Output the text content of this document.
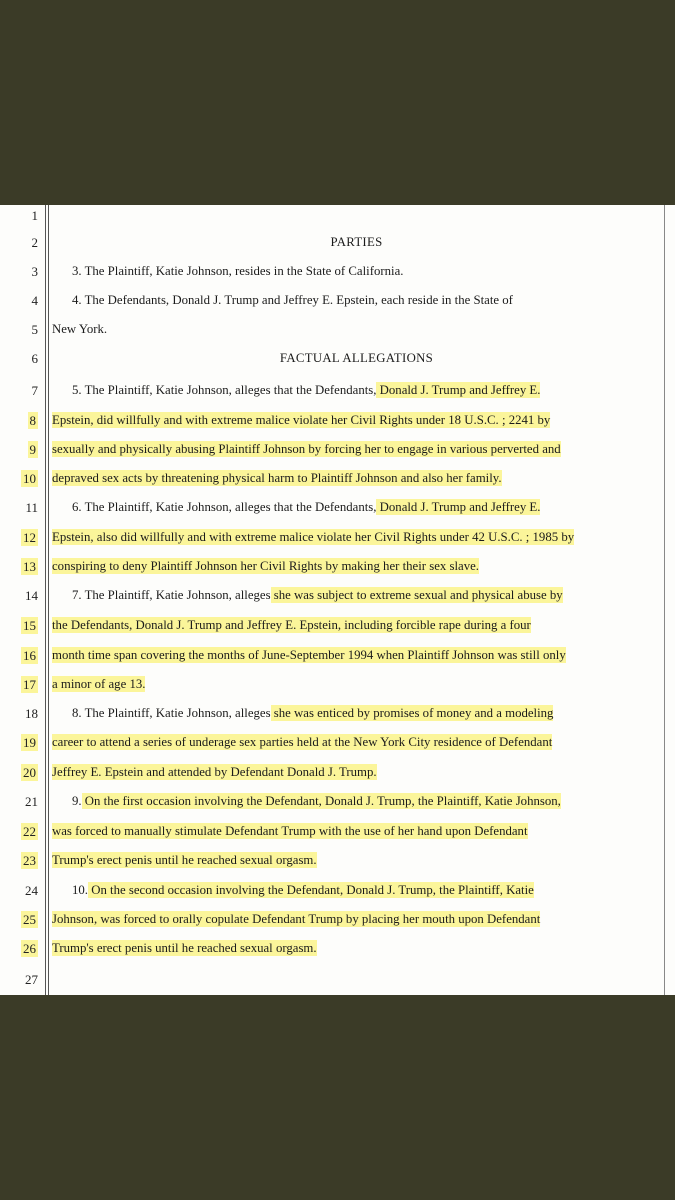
1
2	PARTIES
3	3. The Plaintiff, Katie Johnson, resides in the State of California.
4	4. The Defendants, Donald J. Trump and Jeffrey E. Epstein, each reside in the State of
5 New York.
6	FACTUAL ALLEGATIONS
7	5. The Plaintiff, Katie Johnson, alleges that the Defendants, Donald J. Trump and Jeffrey E.
8 Epstein, did willfully and with extreme malice violate her Civil Rights under 18 U.S.C. ; 2241 by
9 sexually and physically abusing Plaintiff Johnson by forcing her to engage in various perverted and
10 depraved sex acts by threatening physical harm to Plaintiff Johnson and also her family.
11	6. The Plaintiff, Katie Johnson, alleges that the Defendants, Donald J. Trump and Jeffrey E.
12 Epstein, also did willfully and with extreme malice violate her Civil Rights under 42 U.S.C. ; 1985 by
13 conspiring to deny Plaintiff Johnson her Civil Rights by making her their sex slave.
14	7. The Plaintiff, Katie Johnson, alleges she was subject to extreme sexual and physical abuse by
15 the Defendants, Donald J. Trump and Jeffrey E. Epstein, including forcible rape during a four
16 month time span covering the months of June-September 1994 when Plaintiff Johnson was still only
17 a minor of age 13.
18	8. The Plaintiff, Katie Johnson, alleges she was enticed by promises of money and a modeling
19 career to attend a series of underage sex parties held at the New York City residence of Defendant
20 Jeffrey E. Epstein and attended by Defendant Donald J. Trump.
21	9. On the first occasion involving the Defendant, Donald J. Trump, the Plaintiff, Katie Johnson,
22 was forced to manually stimulate Defendant Trump with the use of her hand upon Defendant
23 Trump's erect penis until he reached sexual orgasm.
24	10. On the second occasion involving the Defendant, Donald J. Trump, the Plaintiff, Katie
25 Johnson, was forced to orally copulate Defendant Trump by placing her mouth upon Defendant
26 Trump's erect penis until he reached sexual orgasm.
27
